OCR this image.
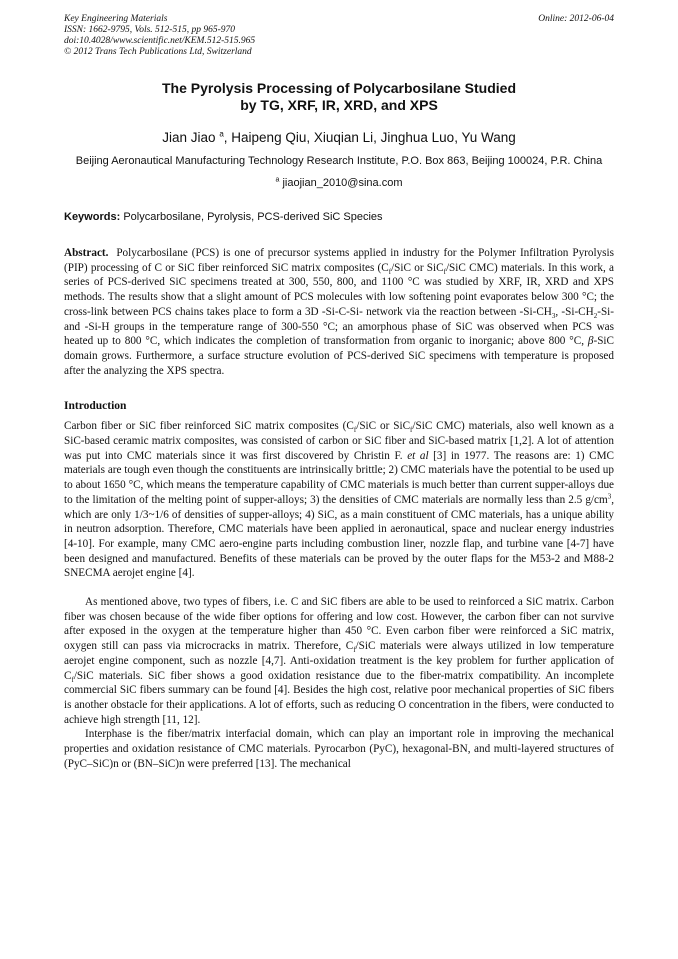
Key Engineering Materials	Online: 2012-06-04
ISSN: 1662-9795, Vols. 512-515, pp 965-970
doi:10.4028/www.scientific.net/KEM.512-515.965
© 2012 Trans Tech Publications Ltd, Switzerland
The Pyrolysis Processing of Polycarbosilane Studied
by TG, XRF, IR, XRD, and XPS
Jian Jiao $^a$, Haipeng Qiu, Xiuqian Li, Jinghua Luo, Yu Wang
Beijing Aeronautical Manufacturing Technology Research Institute, P.O. Box 863, Beijing 100024, P.R. China
$^a$ jiaojian_2010@sina.com
Keywords: Polycarbosilane, Pyrolysis, PCS-derived SiC Species
Abstract. Polycarbosilane (PCS) is one of precursor systems applied in industry for the Polymer Infiltration Pyrolysis (PIP) processing of C or SiC fiber reinforced SiC matrix composites ($C_f$/SiC or SiC$_f$/SiC CMC) materials. In this work, a series of PCS-derived SiC specimens treated at 300, 550, 800, and 1100 °C was studied by XRF, IR, XRD and XPS methods. The results show that a slight amount of PCS molecules with low softening point evaporates below 300 °C; the cross-link between PCS chains takes place to form a 3D -Si-C-Si- network via the reaction between $-Si-CH_3$, $-Si-CH_2-Si-$ and -Si-H groups in the temperature range of 300-550 °C; an amorphous phase of SiC was observed when PCS was heated up to 800 °C, which indicates the completion of transformation from organic to inorganic; above 800 °C, β-SiC domain grows. Furthermore, a surface structure evolution of PCS-derived SiC specimens with temperature is proposed after the analyzing the XPS spectra.
Introduction

Carbon fiber or SiC fiber reinforced SiC matrix composites ($C_f$/SiC or SiC$_f$/SiC CMC) materials, also well known as a SiC-based ceramic matrix composites, was consisted of carbon or SiC fiber and SiC-based matrix [1,2]. A lot of attention was put into CMC materials since it was first discovered by Christin F. et al [3] in 1977. The reasons are: 1) CMC materials are tough even though the constituents are intrinsically brittle; 2) CMC materials have the potential to be used up to about 1650 °C, which means the temperature capability of CMC materials is much better than current supper-alloys due to the limitation of the melting point of supper-alloys; 3) the densities of CMC materials are normally less than 2.5 $g/cm^3$, which are only 1/3~1/6 of densities of supper-alloys; 4) SiC, as a main constituent of CMC materials, has a unique ability in neutron adsorption. Therefore, CMC materials have been applied in aeronautical, space and nuclear energy industries [4-10]. For example, many CMC aero-engine parts including combustion liner, nozzle flap, and turbine vane [4-7] have been designed and manufactured. Benefits of these materials can be proved by the outer flaps for the M53-2 and M88-2 SNECMA aerojet engine [4].

As mentioned above, two types of fibers, i.e. C and SiC fibers are able to be used to reinforced a SiC matrix. Carbon fiber was chosen because of the wide fiber options for offering and low cost. However, the carbon fiber can not survive after exposed in the oxygen at the temperature higher than 450 °C. Even carbon fiber were reinforced a SiC matrix, oxygen still can pass via microcracks in matrix. Therefore, $C_f$/SiC materials were always utilized in low temperature aerojet engine component, such as nozzle [4,7]. Anti-oxidation treatment is the key problem for further application of $C_f$/SiC materials. SiC fiber shows a good oxidation resistance due to the fiber-matrix compatibility. An incomplete commercial SiC fibers summary can be found [4]. Besides the high cost, relative poor mechanical properties of SiC fibers is another obstacle for their applications. A lot of efforts, such as reducing O concentration in the fibers, were conducted to achieve high strength [11, 12].

Interphase is the fiber/matrix interfacial domain, which can play an important role in improving the mechanical properties and oxidation resistance of CMC materials. Pyrocarbon (PyC), hexagonal-BN, and multi-layered structures of (PyC–SiC)n or (BN–SiC)n were preferred [13]. The mechanical
